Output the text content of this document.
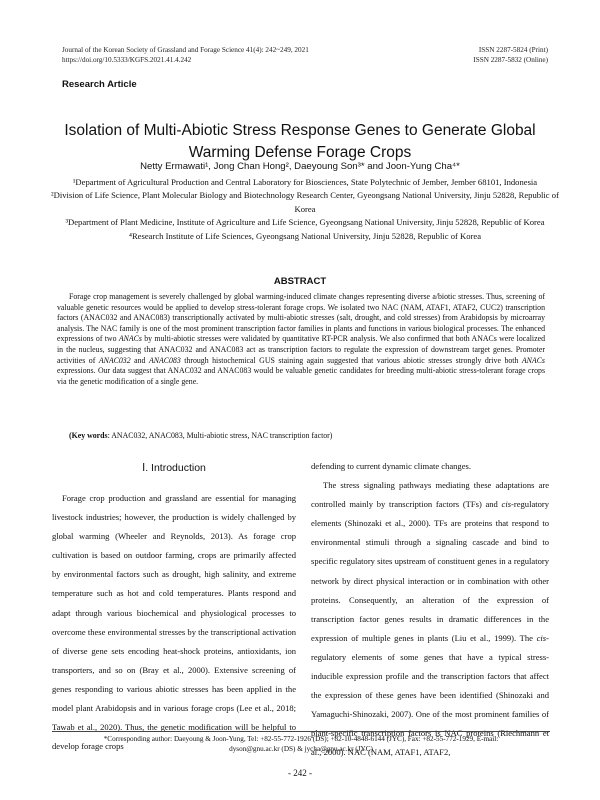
Journal of the Korean Society of Grassland and Forage Science 41(4): 242~249, 2021
https://doi.org/10.5333/KGFS.2021.41.4.242
ISSN 2287-5824 (Print)
ISSN 2287-5832 (Online)
Research Article
Isolation of Multi-Abiotic Stress Response Genes to Generate Global
Warming Defense Forage Crops
Netty Ermawati¹, Jong Chan Hong², Daeyoung Son³* and Joon-Yung Cha⁴*
¹Department of Agricultural Production and Central Laboratory for Biosciences, State Polytechnic of Jember, Jember 68101, Indonesia
²Division of Life Science, Plant Molecular Biology and Biotechnology Research Center, Gyeongsang National University, Jinju 52828, Republic of Korea
³Department of Plant Medicine, Institute of Agriculture and Life Science, Gyeongsang National University, Jinju 52828, Republic of Korea
⁴Research Institute of Life Sciences, Gyeongsang National University, Jinju 52828, Republic of Korea
ABSTRACT
Forage crop management is severely challenged by global warming-induced climate changes representing diverse a/biotic stresses. Thus, screening of valuable genetic resources would be applied to develop stress-tolerant forage crops. We isolated two NAC (NAM, ATAF1, ATAF2, CUC2) transcription factors (ANAC032 and ANAC083) transcriptionally activated by multi-abiotic stresses (salt, drought, and cold stresses) from Arabidopsis by microarray analysis. The NAC family is one of the most prominent transcription factor families in plants and functions in various biological processes. The enhanced expressions of two ANACs by multi-abiotic stresses were validated by quantitative RT-PCR analysis. We also confirmed that both ANACs were localized in the nucleus, suggesting that ANAC032 and ANAC083 act as transcription factors to regulate the expression of downstream target genes. Promoter activities of ANAC032 and ANAC083 through histochemical GUS staining again suggested that various abiotic stresses strongly drive both ANACs expressions. Our data suggest that ANAC032 and ANAC083 would be valuable genetic candidates for breeding multi-abiotic stress-tolerant forage crops via the genetic modification of a single gene.
(Key words: ANAC032, ANAC083, Multi-abiotic stress, NAC transcription factor)
Ⅰ. Introduction
Forage crop production and grassland are essential for managing livestock industries; however, the production is widely challenged by global warming (Wheeler and Reynolds, 2013). As forage crop cultivation is based on outdoor farming, crops are primarily affected by environmental factors such as drought, high salinity, and extreme temperature such as hot and cold temperatures. Plants respond and adapt through various biochemical and physiological processes to overcome these environmental stresses by the transcriptional activation of diverse gene sets encoding heat-shock proteins, antioxidants, ion transporters, and so on (Bray et al., 2000). Extensive screening of genes responding to various abiotic stresses has been applied in the model plant Arabidopsis and in various forage crops (Lee et al., 2018; Tawab et al., 2020). Thus, the genetic modification will be helpful to develop forage crops

defending to current dynamic climate changes.

The stress signaling pathways mediating these adaptations are controlled mainly by transcription factors (TFs) and cis-regulatory elements (Shinozaki et al., 2000). TFs are proteins that respond to environmental stimuli through a signaling cascade and bind to specific regulatory sites upstream of constituent genes in a regulatory network by direct physical interaction or in combination with other proteins. Consequently, an alteration of the expression of transcription factor genes results in dramatic differences in the expression of multiple genes in plants (Liu et al., 1999). The cis-regulatory elements of some genes that have a typical stress-inducible expression profile and the transcription factors that affect the expression of these genes have been identified (Shinozaki and Yamaguchi-Shinozaki, 2007). One of the most prominent families of plant-specific transcription factors is NAC proteins (Riechmann et al., 2000). NAC (NAM, ATAF1, ATAF2,

*Corresponding author: Daeyoung & Joon-Yung, Tel: +82-55-772-1926 (DS); +82-10-4848-6144 (JYC), Fax: +82-55-772-1929, E-mail:
dyson@gnu.ac.kr (DS) & jycha@gnu.ac.kr (JYC)
- 242 -
